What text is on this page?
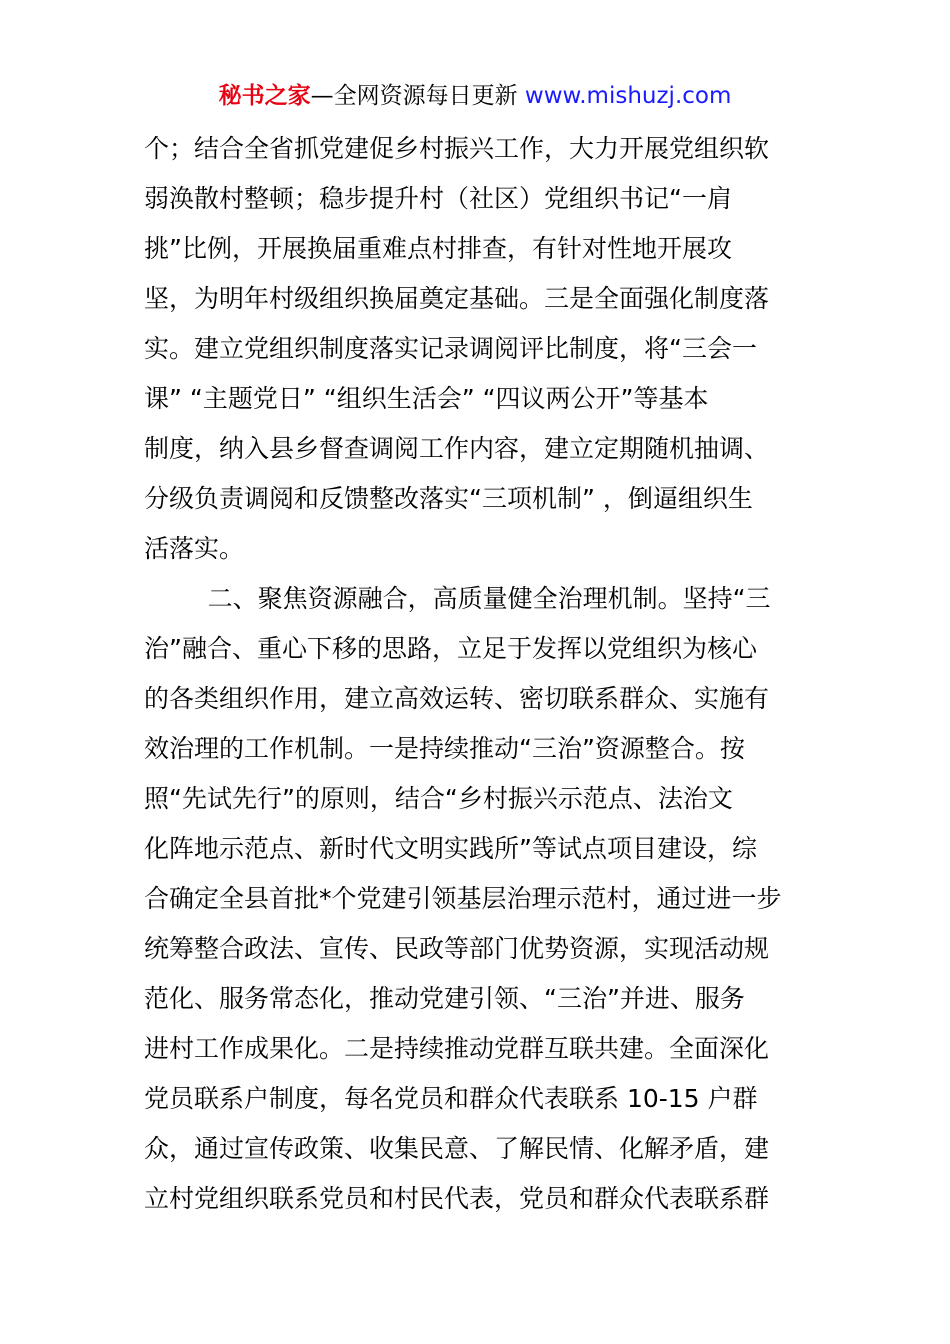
秘书之家—全网资源每日更新 www.mishuzj.com
个；结合全省抓党建促乡村振兴工作，大力开展党组织软
弱涣散村整顿；稳步提升村（社区）党组织书记“一肩
挑”比例，开展换届重难点村排查，有针对性地开展攻
坚，为明年村级组织换届奠定基础。三是全面强化制度落
实。建立党组织制度落实记录调阅评比制度，将“三会一
课” “主题党日” “组织生活会” “四议两公开”等基本
制度，纳入县乡督查调阅工作内容，建立定期随机抽调、
分级负责调阅和反馈整改落实“三项机制” ，倒逼组织生
活落实。
二、聚焦资源融合，高质量健全治理机制。坚持“三
治”融合、重心下移的思路，立足于发挥以党组织为核心
的各类组织作用，建立高效运转、密切联系群众、实施有
效治理的工作机制。一是持续推动“三治”资源整合。按
照“先试先行”的原则，结合“乡村振兴示范点、法治文
化阵地示范点、新时代文明实践所”等试点项目建设，综
合确定全县首批*个党建引领基层治理示范村，通过进一步
统筹整合政法、宣传、民政等部门优势资源，实现活动规
范化、服务常态化，推动党建引领、“三治”并进、服务
进村工作成果化。二是持续推动党群互联共建。全面深化
党员联系户制度，每名党员和群众代表联系 10-15 户群
众，通过宣传政策、收集民意、了解民情、化解矛盾，建
立村党组织联系党员和村民代表，党员和群众代表联系群
